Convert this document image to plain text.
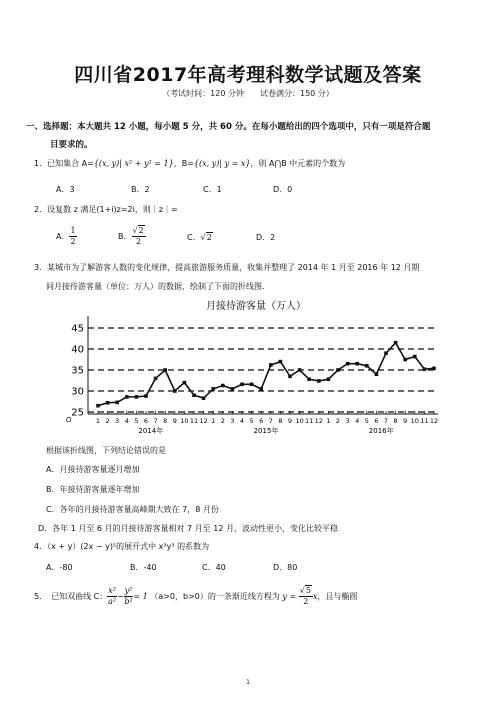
四川省2017年高考理科数学试题及答案
（考试时间：120 分钟　　试卷满分：150 分）
一、选择题：本大题共 12 小题，每小题 5 分，共 60 分。在每小题给出的四个选项中，只有一项是符合题
目要求的。
1．已知集合 A={(x, y)| x² + y² = 1}，B={(x, y)| y = x}，则 A⋂B 中元素的个数为
A．3	B．2	C．1	D．0
2．设复数 z 满足(1+i)z=2i，则｜z｜=
A． $\frac{1}{2}$	B． $\frac{√2}{2}$	C．√2	D．2
3．某城市为了解游客人数的变化规律，提高旅游服务质量，收集并整理了 2014 年 1 月至 2016 年 12 月期
间月接待游客量（单位：万人）的数据，绘制了下面的折线图.
月接待游客量（万人）
25
30
35
40
45
1 2 3 4 5 6 7 8 9 10 11 12 1 2 3 4 5 6 7 8 9 10 11 12 1 2 3 4 5 6 7 8 9 10 11 12
2014年	2015年	2016年
O
根据该折线图，下列结论错误的是
A．月接待游客量逐月增加
B．年接待游客量逐年增加
C．各年的月接待游客量高峰期大致在 7，8 月份
D．各年 1 月至 6 月的月接待游客量相对 7 月至 12 月，波动性更小，变化比较平稳
4．（x + y）(2x − y)⁵的展开式中 x³y³ 的系数为
A．-80	B．-40	C．40	D．80
5．　已知双曲线 C： $\frac{\text{x²}}{\text{a²}} - \frac{\text{y²}}{\text{b²}} = 1$ （a>0，b>0）的一条渐近线方程为 $y = \frac{√5}{2}$ x，且与椭圆
1
